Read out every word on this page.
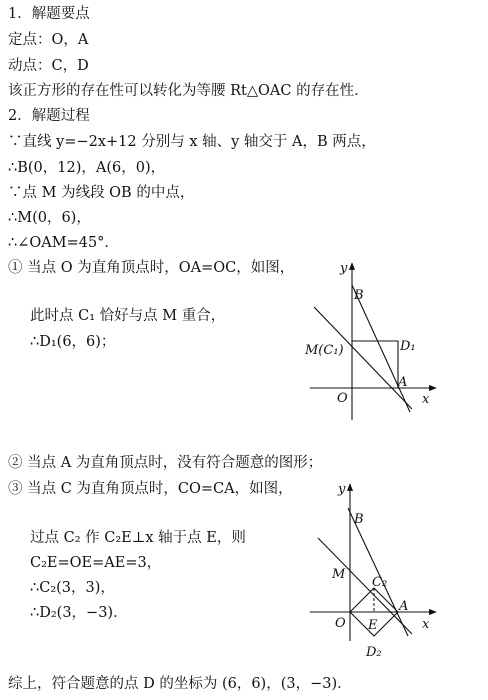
1．解题要点
定点：O，A
动点：C，D
该正方形的存在性可以转化为等腰 Rt△OAC 的存在性．
2．解题过程
∵直线 y=−2x+12 分别与 x 轴、y 轴交于 A，B 两点，
∴B(0，12)，A(6，0)，
∵点 M 为线段 OB 的中点，
∴M(0，6)，
∴∠OAM=45°．
① 当点 O 为直角顶点时，OA=OC，如图，
此时点 C₁ 恰好与点 M 重合，
∴D₁(6，6)；
y
x
O
B
A
M(C₁)	D₁
② 当点 A 为直角顶点时，没有符合题意的图形；
③ 当点 C 为直角顶点时，CO=CA，如图，
过点 C₂ 作 C₂E⊥x 轴于点 E，则
C₂E=OE=AE=3，
∴C₂(3，3)，
∴D₂(3，−3)．
y
x
O
B
A
M
C₂
E
D₂
综上，符合题意的点 D 的坐标为 (6，6)，(3，−3)．
